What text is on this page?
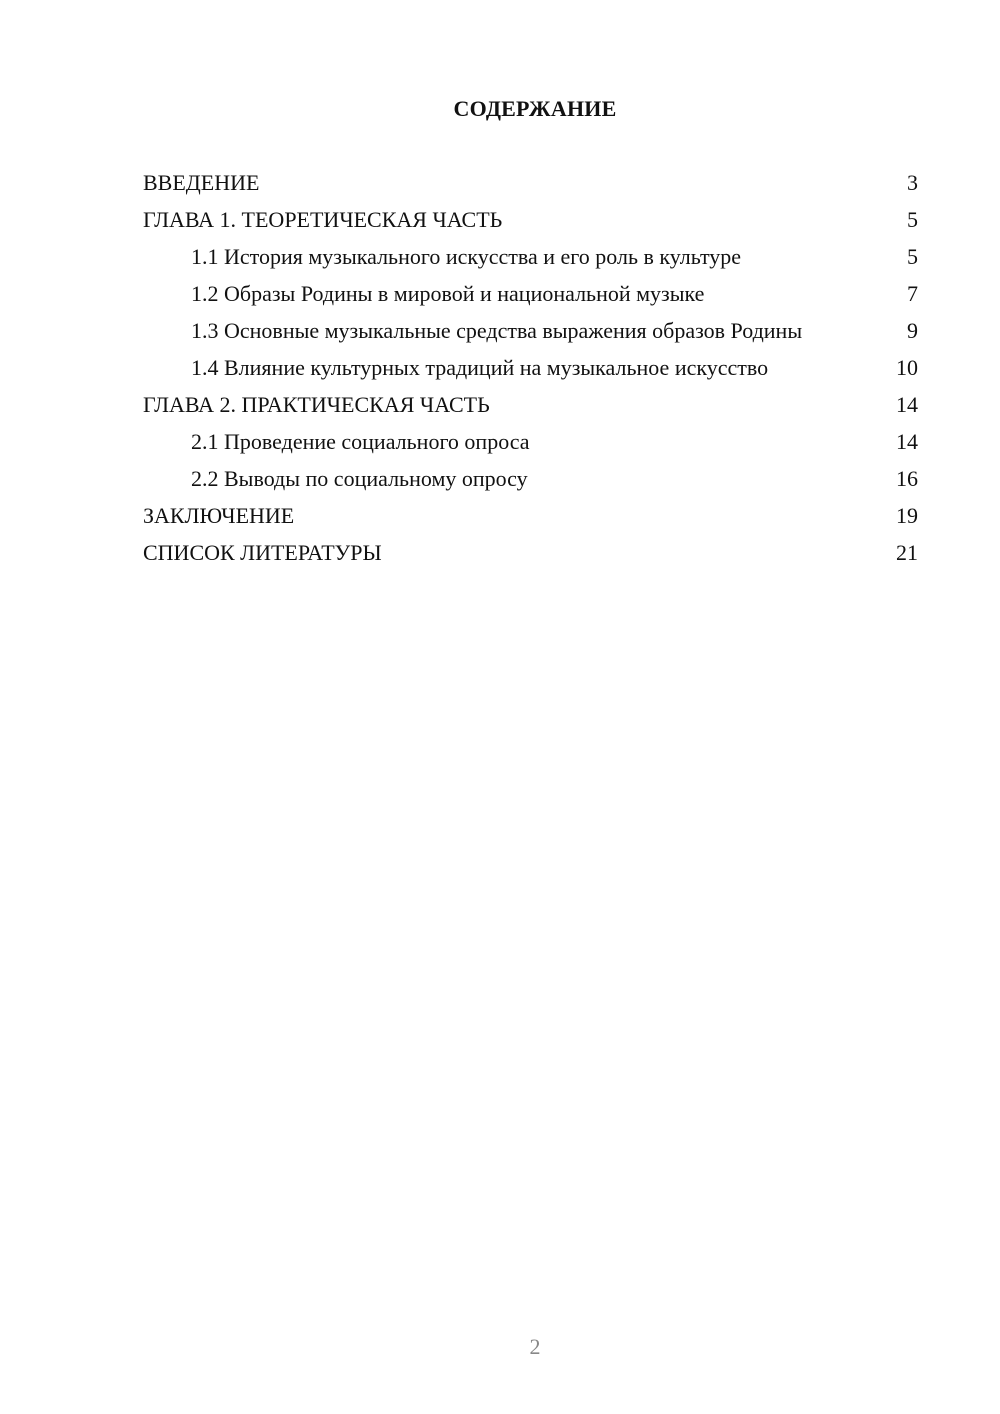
СОДЕРЖАНИЕ
ВВЕДЕНИЕ	3
ГЛАВА 1. ТЕОРЕТИЧЕСКАЯ ЧАСТЬ	5
1.1 История музыкального искусства и его роль в культуре	5
1.2 Образы Родины в мировой и национальной музыке	7
1.3 Основные музыкальные средства выражения образов Родины	9
1.4 Влияние культурных традиций на музыкальное искусство	10
ГЛАВА 2. ПРАКТИЧЕСКАЯ ЧАСТЬ	14
2.1 Проведение социального опроса	14
2.2 Выводы по социальному опросу	16
ЗАКЛЮЧЕНИЕ	19
СПИСОК ЛИТЕРАТУРЫ	21
2
